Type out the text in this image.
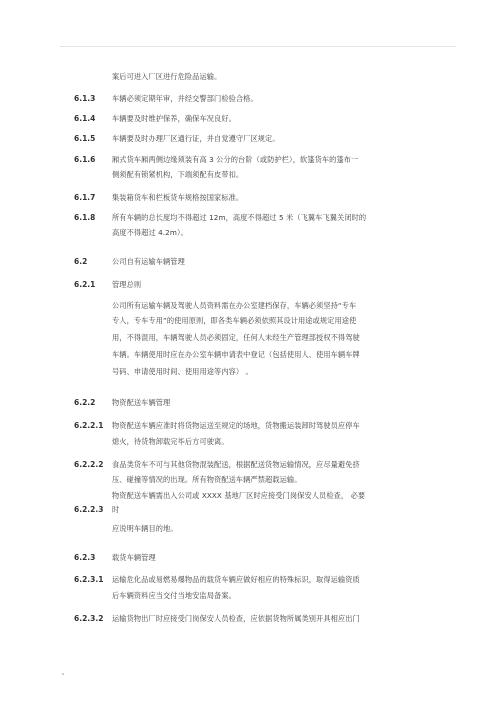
案后可进入厂区进行危险品运输。
6.1.3 车辆必须定期年审，并经交警部门检验合格。
6.1.4 车辆要及时维护保养，确保车况良好。
6.1.5 车辆要及时办理厂区通行证，并自觉遵守厂区规定。
6.1.6 厢式货车厢两侧边缘须装有高 3 公分的台阶（或防护栏），软篷货车的篷布一
侧须配有锁紧机构，下端须配有皮带扣。
6.1.7 集装箱货车和栏板货车规格按国家标准。
6.1.8 所有车辆的总长度均不得超过 12m，高度不得超过 5 米（飞翼车飞翼关闭时的
高度不得超过 4.2m）。
6.2	公司自有运输车辆管理
6.2.1 管理总则
公司所有运输车辆及驾驶人员资料需在办公室建档保存，车辆必须坚持“专车
专人，专车专用”的使用原则，即各类车辆必须依照其设计用途或规定用途使
用，不得混用，车辆驾驶人员必须固定，任何人未经生产管理部授权不得驾驶
车辆。车辆使用时应在办公室车辆申请表中登记（包括使用人、使用车辆车牌
号码、申请使用时间、使用用途等内容） 。
6.2.2 物资配送车辆管理
6.2.2.1 物资配送车辆应准时将货物运送至规定的场地，货物搬运装卸时驾驶员应停车
熄火，待货物卸载完毕后方可驶离。
6.2.2.2 食品类货车不可与其他货物混装配送，根据配送货物运输情况，应尽量避免挤
压、碰撞等情况的出现。所有物资配送车辆严禁超载运输。
物资配送车辆需出入公司或 XXXX 基地厂区时应接受门岗保安人员检查， 必要
6.2.2.3 时
应说明车辆目的地。
6.2.3 载货车辆管理
6.2.3.1 运输危化品或易燃易爆物品的载货车辆应做好相应的特殊标识，取得运输资质
后车辆资料应当交付当地安监局备案。
6.2.3.2 运输货物出厂时应接受门岗保安人员检查，应依据货物所属类别开具相应出门
